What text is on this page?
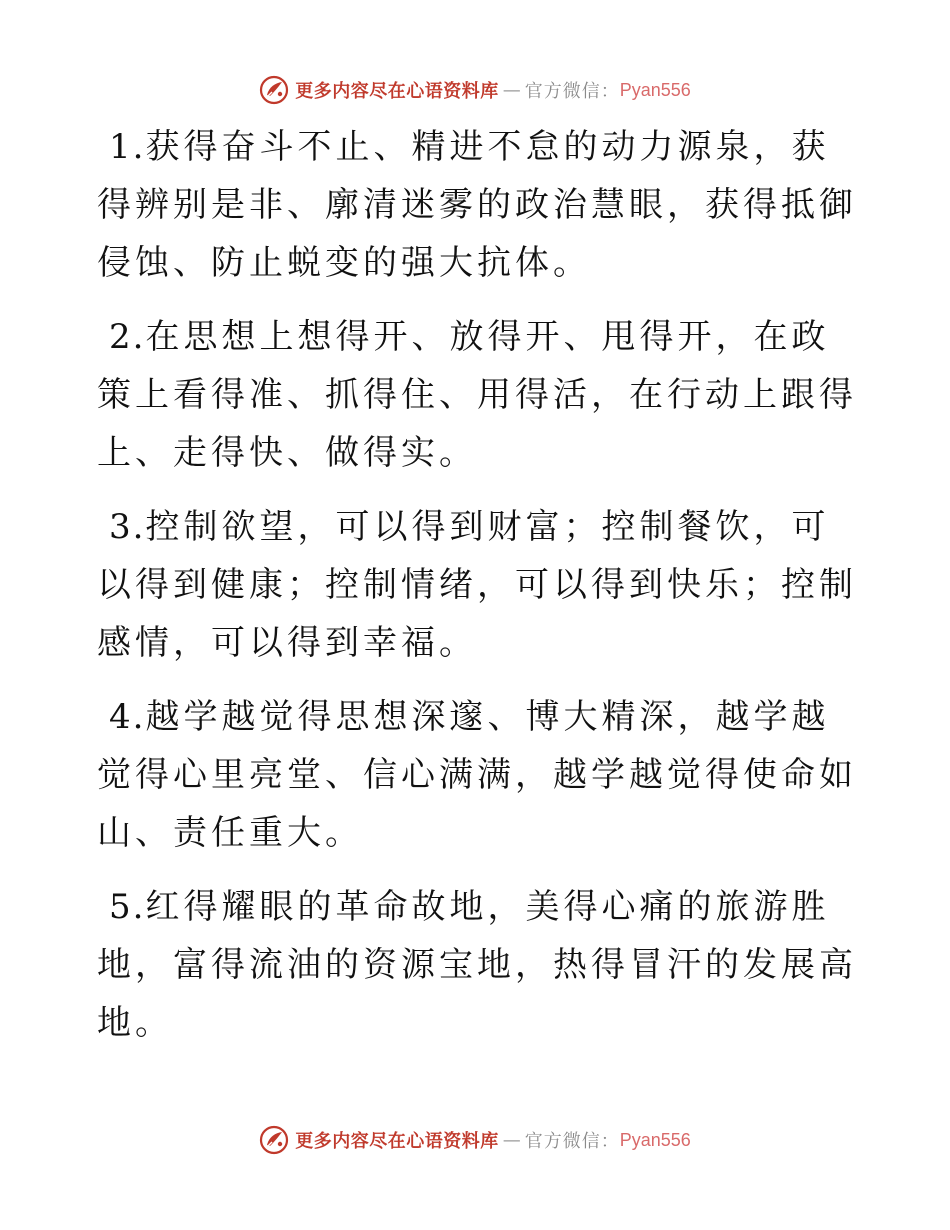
更多内容尽在心语资料库 — 官方微信： Pyan556

1.获得奋斗不止、精进不怠的动力源泉，获得辨别是非、廓清迷雾的政治慧眼，获得抵御侵蚀、防止蜕变的强大抗体。

2.在思想上想得开、放得开、甩得开，在政策上看得准、抓得住、用得活，在行动上跟得上、走得快、做得实。

3.控制欲望，可以得到财富；控制餐饮，可以得到健康；控制情绪，可以得到快乐；控制感情，可以得到幸福。

4.越学越觉得思想深邃、博大精深，越学越觉得心里亮堂、信心满满，越学越觉得使命如山、责任重大。

5.红得耀眼的革命故地，美得心痛的旅游胜地，富得流油的资源宝地，热得冒汗的发展高地。

更多内容尽在心语资料库 — 官方微信： Pyan556
